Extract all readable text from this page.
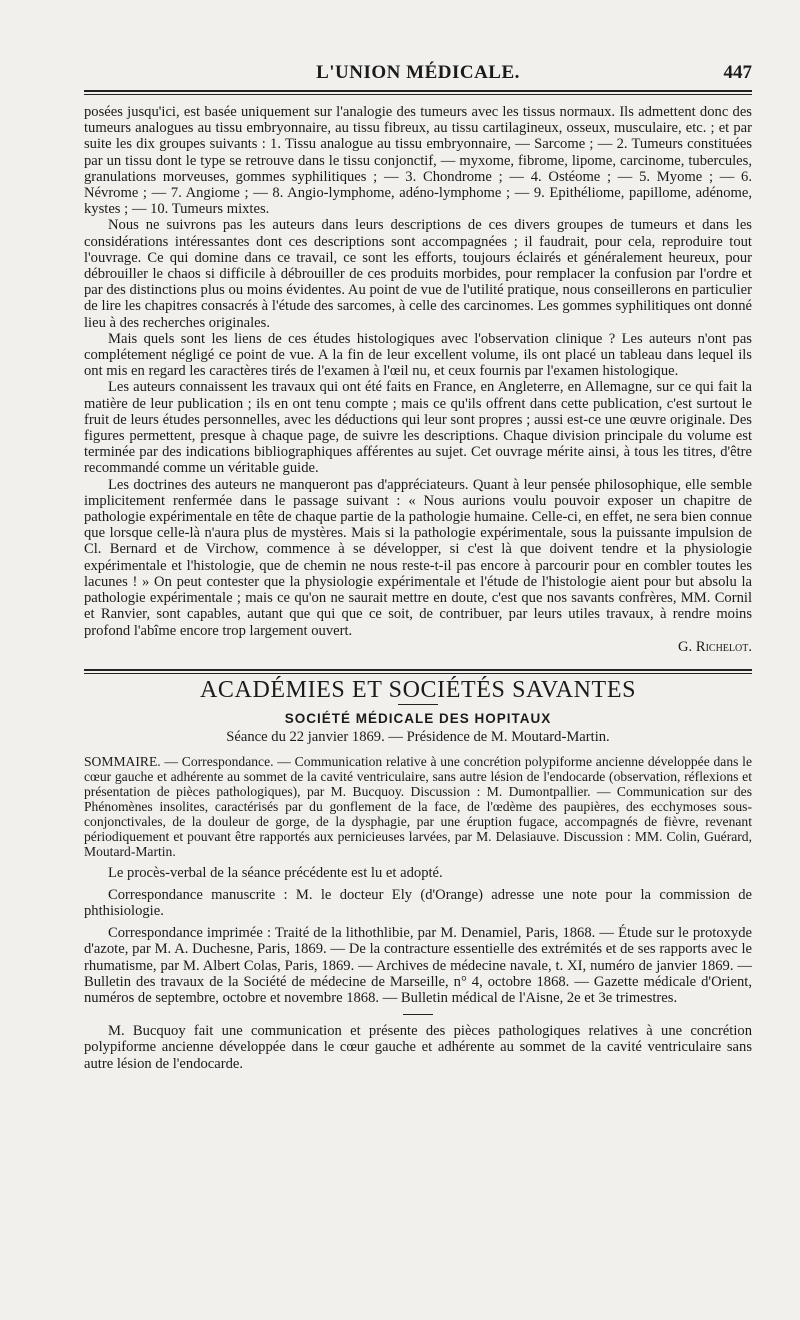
L'UNION MÉDICALE.	447

posées jusqu'ici, est basée uniquement sur l'analogie des tumeurs avec les tissus normaux. Ils admettent donc des tumeurs analogues au tissu embryonnaire, au tissu fibreux, au tissu cartilagineux, osseux, musculaire, etc. ; et par suite les dix groupes suivants : 1. Tissu analogue au tissu embryonnaire, — Sarcome ; — 2. Tumeurs constituées par un tissu dont le type se retrouve dans le tissu conjonctif, — myxome, fibrome, lipome, carcinome, tubercules, granulations morveuses, gommes syphilitiques ; — 3. Chondrome ; — 4. Ostéome ; — 5. Myome ; — 6. Névrome ; — 7. Angiome ; — 8. Angio-lymphome, adéno-lymphome ; — 9. Epithéliome, papillome, adénome, kystes ; — 10. Tumeurs mixtes.

Nous ne suivrons pas les auteurs dans leurs descriptions de ces divers groupes de tumeurs et dans les considérations intéressantes dont ces descriptions sont accompagnées ; il faudrait, pour cela, reproduire tout l'ouvrage. Ce qui domine dans ce travail, ce sont les efforts, toujours éclairés et généralement heureux, pour débrouiller le chaos si difficile à débrouiller de ces produits morbides, pour remplacer la confusion par l'ordre et par des distinctions plus ou moins évidentes. Au point de vue de l'utilité pratique, nous conseillerons en particulier de lire les chapitres consacrés à l'étude des sarcomes, à celle des carcinomes. Les gommes syphilitiques ont donné lieu à des recherches originales.

Mais quels sont les liens de ces études histologiques avec l'observation clinique ? Les auteurs n'ont pas complétement négligé ce point de vue. A la fin de leur excellent volume, ils ont placé un tableau dans lequel ils ont mis en regard les caractères tirés de l'examen à l'œil nu, et ceux fournis par l'examen histologique.

Les auteurs connaissent les travaux qui ont été faits en France, en Angleterre, en Allemagne, sur ce qui fait la matière de leur publication ; ils en ont tenu compte ; mais ce qu'ils offrent dans cette publication, c'est surtout le fruit de leurs études personnelles, avec les déductions qui leur sont propres ; aussi est-ce une œuvre originale. Des figures permettent, presque à chaque page, de suivre les descriptions. Chaque division principale du volume est terminée par des indications bibliographiques afférentes au sujet. Cet ouvrage mérite ainsi, à tous les titres, d'être recommandé comme un véritable guide.

Les doctrines des auteurs ne manqueront pas d'appréciateurs. Quant à leur pensée philosophique, elle semble implicitement renfermée dans le passage suivant : « Nous aurions voulu pouvoir exposer un chapitre de pathologie expérimentale en tête de chaque partie de la pathologie humaine. Celle-ci, en effet, ne sera bien connue que lorsque celle-là n'aura plus de mystères. Mais si la pathologie expérimentale, sous la puissante impulsion de Cl. Bernard et de Virchow, commence à se développer, si c'est là que doivent tendre et la physiologie expérimentale et l'histologie, que de chemin ne nous reste-t-il pas encore à parcourir pour en combler toutes les lacunes ! » On peut contester que la physiologie expérimentale et l'étude de l'histologie aient pour but absolu la pathologie expérimentale ; mais ce qu'on ne saurait mettre en doute, c'est que nos savants confrères, MM. Cornil et Ranvier, sont capables, autant que qui que ce soit, de contribuer, par leurs utiles travaux, à rendre moins profond l'abîme encore trop largement ouvert.

G. Richelot.

ACADÉMIES ET SOCIÉTÉS SAVANTES
SOCIÉTÉ MÉDICALE DES HOPITAUX
Séance du 22 janvier 1869. — Présidence de M. Moutard-Martin.

SOMMAIRE. — Correspondance. — Communication relative à une concrétion polypiforme ancienne développée dans le cœur gauche et adhérente au sommet de la cavité ventriculaire, sans autre lésion de l'endocarde (observation, réflexions et présentation de pièces pathologiques), par M. Bucquoy. Discussion : M. Dumontpallier. — Communication sur des Phénomènes insolites, caractérisés par du gonflement de la face, de l'œdème des paupières, des ecchymoses sous-conjonctivales, de la douleur de gorge, de la dysphagie, par une éruption fugace, accompagnés de fièvre, revenant périodiquement et pouvant être rapportés aux pernicieuses larvées, par M. Delasiauve. Discussion : MM. Colin, Guérard, Moutard-Martin.

Le procès-verbal de la séance précédente est lu et adopté.

Correspondance manuscrite : M. le docteur Ely (d'Orange) adresse une note pour la commission de phthisiologie.

Correspondance imprimée : Traité de la lithothlibie, par M. Denamiel, Paris, 1868. — Étude sur le protoxyde d'azote, par M. A. Duchesne, Paris, 1869. — De la contracture essentielle des extrémités et de ses rapports avec le rhumatisme, par M. Albert Colas, Paris, 1869. — Archives de médecine navale, t. XI, numéro de janvier 1869. — Bulletin des travaux de la Société de médecine de Marseille, n° 4, octobre 1868. — Gazette médicale d'Orient, numéros de septembre, octobre et novembre 1868. — Bulletin médical de l'Aisne, 2e et 3e trimestres.

M. Bucquoy fait une communication et présente des pièces pathologiques relatives à une concrétion polypiforme ancienne développée dans le cœur gauche et adhérente au sommet de la cavité ventriculaire sans autre lésion de l'endocarde.
